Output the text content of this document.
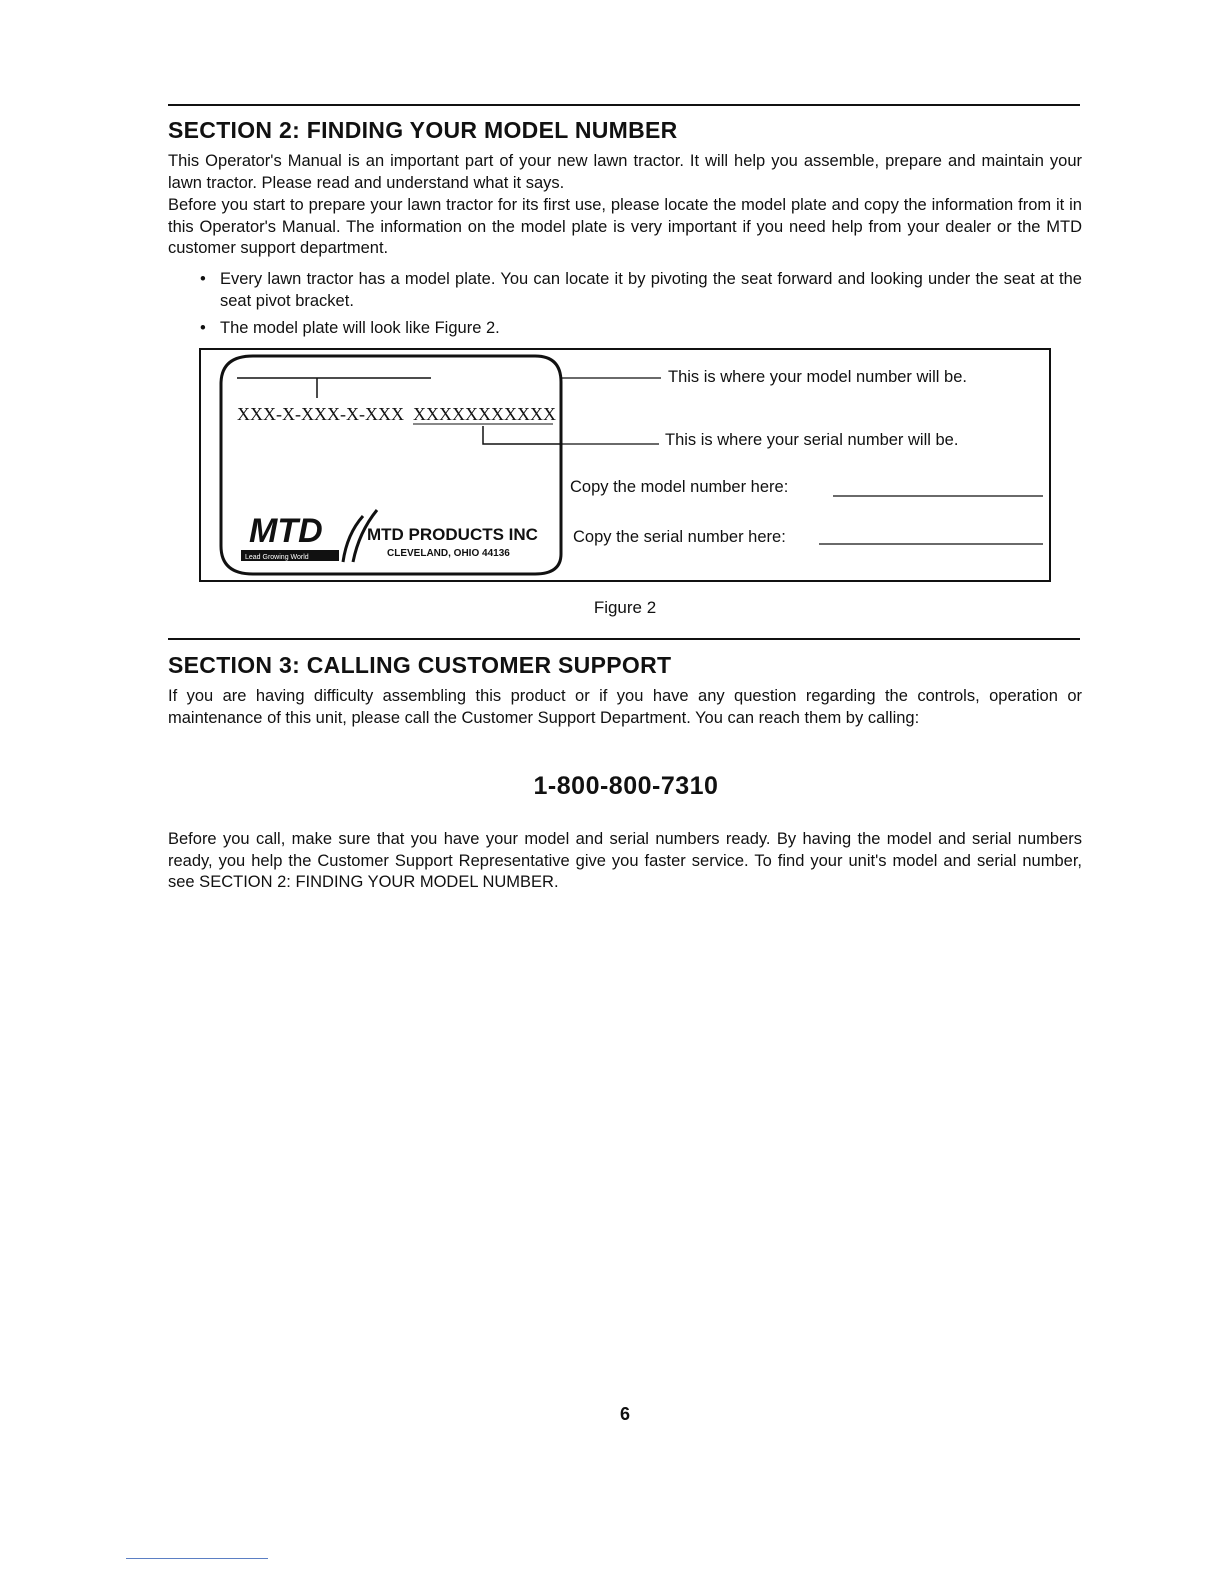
SECTION 2: FINDING YOUR MODEL NUMBER

This Operator's Manual is an important part of your new lawn tractor. It will help you assemble, prepare and maintain your lawn tractor. Please read and understand what it says.

Before you start to prepare your lawn tractor for its first use, please locate the model plate and copy the information from it in this Operator's Manual. The information on the model plate is very important if you need help from your dealer or the MTD customer support department.

• Every lawn tractor has a model plate. You can locate it by pivoting the seat forward and looking under the seat at the seat pivot bracket.
• The model plate will look like Figure 2.
XXX-X-XXX-X-XXX XXXXXXXXXXX
MTD
Lead Growing World
MTD PRODUCTS INC
CLEVELAND, OHIO 44136
This is where your model number will be.
This is where your serial number will be.
Copy the model number here:
Copy the serial number here:
Figure 2
SECTION 3: CALLING CUSTOMER SUPPORT

If you are having difficulty assembling this product or if you have any question regarding the controls, operation or maintenance of this unit, please call the Customer Support Department. You can reach them by calling:

1-800-800-7310

Before you call, make sure that you have your model and serial numbers ready. By having the model and serial numbers ready, you help the Customer Support Representative give you faster service. To find your unit's model and serial number, see SECTION 2: FINDING YOUR MODEL NUMBER.

6
